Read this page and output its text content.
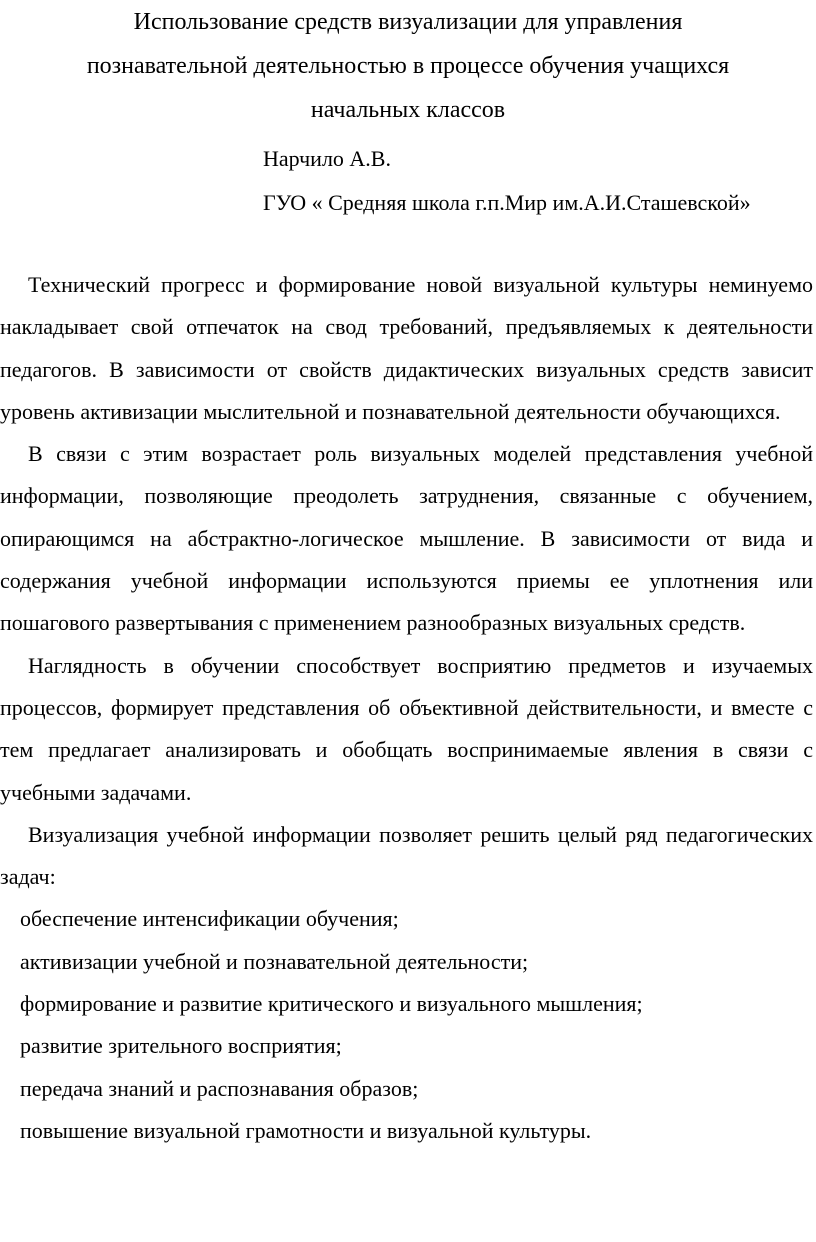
Использование средств визуализации для управления
познавательной деятельностью в процессе обучения учащихся
начальных классов
Нарчило А.В.
ГУО « Средняя школа г.п.Мир им.А.И.Сташевской»

Технический прогресс и формирование новой визуальной культуры неминуемо накладывает свой отпечаток на свод требований, предъявляемых к деятельности педагогов. В зависимости от свойств дидактических визуальных средств зависит уровень активизации мыслительной и познавательной деятельности обучающихся.

В связи с этим возрастает роль визуальных моделей представления учебной информации, позволяющие преодолеть затруднения, связанные с обучением, опирающимся на абстрактно-логическое мышление. В зависимости от вида и содержания учебной информации используются приемы ее уплотнения или пошагового развертывания с применением разнообразных визуальных средств.

Наглядность в обучении способствует восприятию предметов и изучаемых процессов, формирует представления об объективной действительности, и вместе с тем предлагает анализировать и обобщать воспринимаемые явления в связи с учебными задачами.

Визуализация учебной информации позволяет решить целый ряд педагогических задач:

обеспечение интенсификации обучения;
активизации учебной и познавательной деятельности;
формирование и развитие критического и визуального мышления;
развитие зрительного восприятия;
передача знаний и распознавания образов;
повышение визуальной грамотности и визуальной культуры.
